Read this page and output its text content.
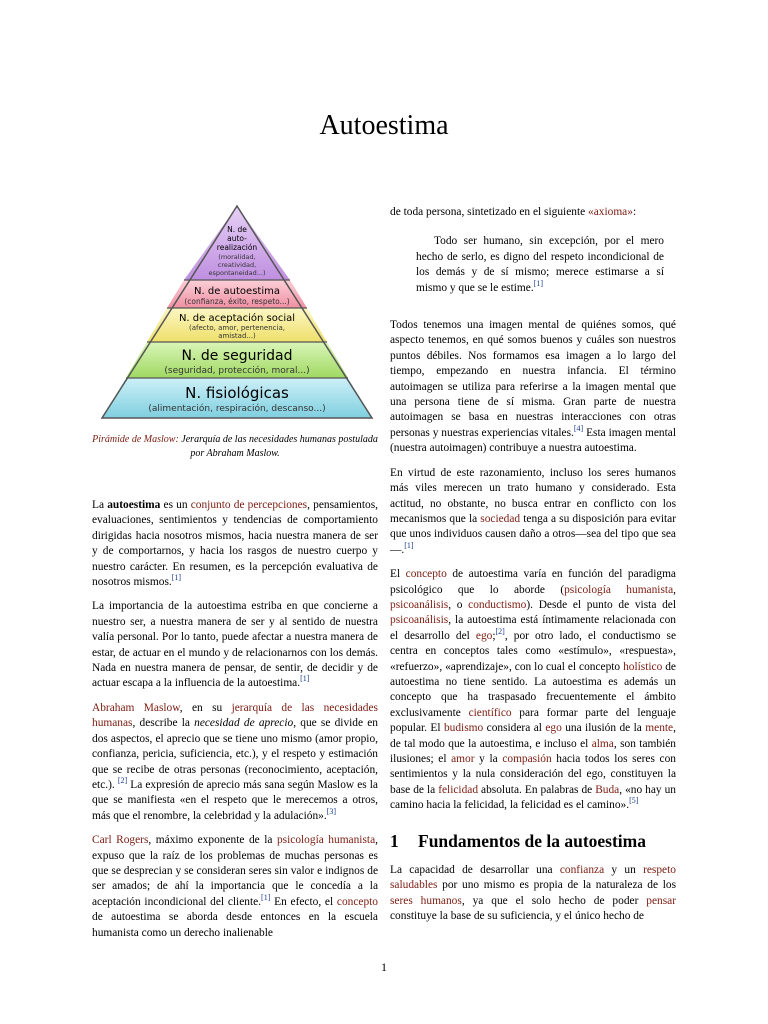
Autoestima
N. de
auto-
realización
(moralidad,
creatividad,
espontaneidad...)
N. de autoestima
(confianza, éxito, respeto...)
N. de aceptación social
(afecto, amor, pertenencia,
amistad...)
N. de seguridad
(seguridad, protección, moral...)
N. fisiológicas
(alimentación, respiración, descanso...)
Pirámide de Maslow: Jerarquía de las necesidades humanas postulada por Abraham Maslow.

La autoestima es un conjunto de percepciones, pensamientos, evaluaciones, sentimientos y tendencias de comportamiento dirigidas hacia nosotros mismos, hacia nuestra manera de ser y de comportarnos, y hacia los rasgos de nuestro cuerpo y nuestro carácter. En resumen, es la percepción evaluativa de nosotros mismos.[1]

La importancia de la autoestima estriba en que concierne a nuestro ser, a nuestra manera de ser y al sentido de nuestra valía personal. Por lo tanto, puede afectar a nuestra manera de estar, de actuar en el mundo y de relacionarnos con los demás. Nada en nuestra manera de pensar, de sentir, de decidir y de actuar escapa a la influencia de la autoestima.[1]

Abraham Maslow, en su jerarquía de las necesidades humanas, describe la necesidad de aprecio, que se divide en dos aspectos, el aprecio que se tiene uno mismo (amor propio, confianza, pericia, suficiencia, etc.), y el respeto y estimación que se recibe de otras personas (reconocimiento, aceptación, etc.). [2] La expresión de aprecio más sana según Maslow es la que se manifiesta «en el respeto que le merecemos a otros, más que el renombre, la celebridad y la adulación».[3]

Carl Rogers, máximo exponente de la psicología humanista, expuso que la raíz de los problemas de muchas personas es que se desprecian y se consideran seres sin valor e indignos de ser amados; de ahí la importancia que le concedía a la aceptación incondicional del cliente.[1] En efecto, el concepto de autoestima se aborda desde entonces en la escuela humanista como un derecho inalienable

de toda persona, sintetizado en el siguiente «axioma»:

Todo ser humano, sin excepción, por el mero hecho de serlo, es digno del respeto incondicional de los demás y de sí mismo; merece estimarse a sí mismo y que se le estime.[1]

Todos tenemos una imagen mental de quiénes somos, qué aspecto tenemos, en qué somos buenos y cuáles son nuestros puntos débiles. Nos formamos esa imagen a lo largo del tiempo, empezando en nuestra infancia. El término autoimagen se utiliza para referirse a la imagen mental que una persona tiene de sí misma. Gran parte de nuestra autoimagen se basa en nuestras interacciones con otras personas y nuestras experiencias vitales.[4] Esta imagen mental (nuestra autoimagen) contribuye a nuestra autoestima.

En virtud de este razonamiento, incluso los seres humanos más viles merecen un trato humano y considerado. Esta actitud, no obstante, no busca entrar en conflicto con los mecanismos que la sociedad tenga a su disposición para evitar que unos individuos causen daño a otros—sea del tipo que sea—.[1]

El concepto de autoestima varía en función del paradigma psicológico que lo aborde (psicología humanista, psicoanálisis, o conductismo). Desde el punto de vista del psicoanálisis, la autoestima está íntimamente relacionada con el desarrollo del ego;[2], por otro lado, el conductismo se centra en conceptos tales como «estímulo», «respuesta», «refuerzo», «aprendizaje», con lo cual el concepto holístico de autoestima no tiene sentido. La autoestima es además un concepto que ha traspasado frecuentemente el ámbito exclusivamente científico para formar parte del lenguaje popular. El budismo considera al ego una ilusión de la mente, de tal modo que la autoestima, e incluso el alma, son también ilusiones; el amor y la compasión hacia todos los seres con sentimientos y la nula consideración del ego, constituyen la base de la felicidad absoluta. En palabras de Buda, «no hay un camino hacia la felicidad, la felicidad es el camino».[5]

1 Fundamentos de la autoestima

La capacidad de desarrollar una confianza y un respeto saludables por uno mismo es propia de la naturaleza de los seres humanos, ya que el solo hecho de poder pensar constituye la base de su suficiencia, y el único hecho de

1
